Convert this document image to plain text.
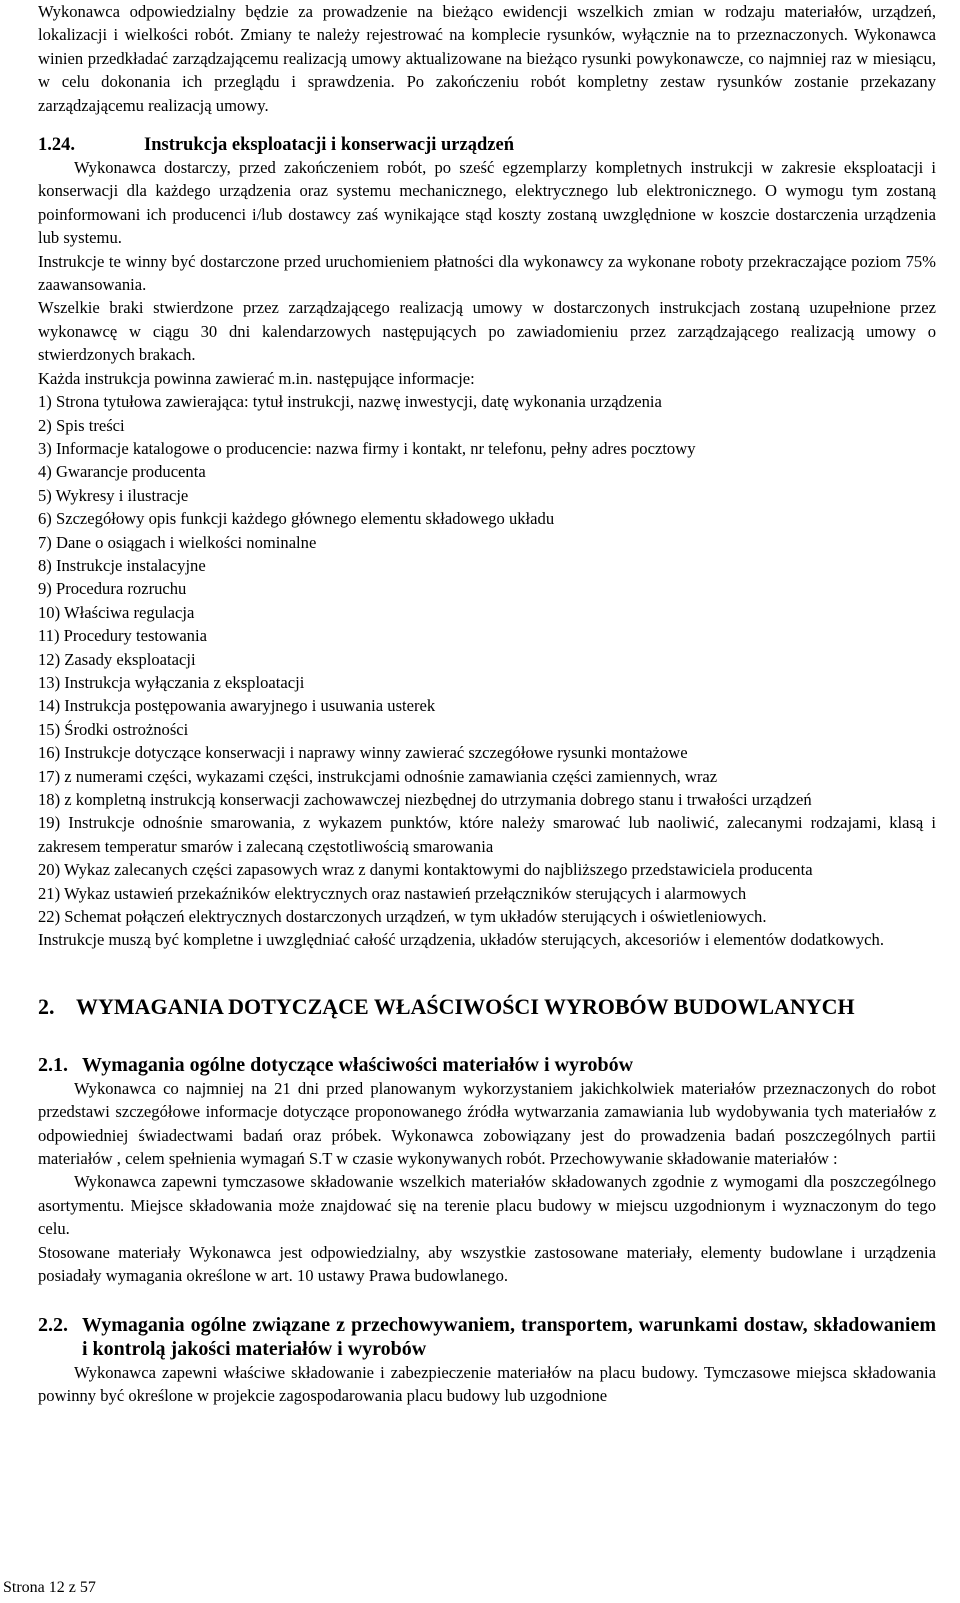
Wykonawca odpowiedzialny będzie za prowadzenie na bieżąco ewidencji wszelkich zmian w rodzaju materiałów, urządzeń, lokalizacji i wielkości robót. Zmiany te należy rejestrować na komplecie rysunków, wyłącznie na to przeznaczonych. Wykonawca winien przedkładać zarządzającemu realizacją umowy aktualizowane na bieżąco rysunki powykonawcze, co najmniej raz w miesiącu, w celu dokonania ich przeglądu i sprawdzenia. Po zakończeniu robót kompletny zestaw rysunków zostanie przekazany zarządzającemu realizacją umowy.

1.24.	Instrukcja eksploatacji i konserwacji urządzeń

Wykonawca dostarczy, przed zakończeniem robót, po sześć egzemplarzy kompletnych instrukcji w zakresie eksploatacji i konserwacji dla każdego urządzenia oraz systemu mechanicznego, elektrycznego lub elektronicznego. O wymogu tym zostaną poinformowani ich producenci i/lub dostawcy zaś wynikające stąd koszty zostaną uwzględnione w koszcie dostarczenia urządzenia lub systemu.

Instrukcje te winny być dostarczone przed uruchomieniem płatności dla wykonawcy za wykonane roboty przekraczające poziom 75% zaawansowania.

Wszelkie braki stwierdzone przez zarządzającego realizacją umowy w dostarczonych instrukcjach zostaną uzupełnione przez wykonawcę w ciągu 30 dni kalendarzowych następujących po zawiadomieniu przez zarządzającego realizacją umowy o stwierdzonych brakach.

Każda instrukcja powinna zawierać m.in. następujące informacje:

1) Strona tytułowa zawierająca: tytuł instrukcji, nazwę inwestycji, datę wykonania urządzenia

2) Spis treści

3) Informacje katalogowe o producencie: nazwa firmy i kontakt, nr telefonu, pełny adres pocztowy

4) Gwarancje producenta

5) Wykresy i ilustracje

6) Szczegółowy opis funkcji każdego głównego elementu składowego układu

7) Dane o osiągach i wielkości nominalne

8) Instrukcje instalacyjne

9) Procedura rozruchu

10) Właściwa regulacja

11) Procedury testowania

12) Zasady eksploatacji

13) Instrukcja wyłączania z eksploatacji

14) Instrukcja postępowania awaryjnego i usuwania usterek

15) Środki ostrożności

16) Instrukcje dotyczące konserwacji i naprawy winny zawierać szczegółowe rysunki montażowe

17) z numerami części, wykazami części, instrukcjami odnośnie zamawiania części zamiennych, wraz

18) z kompletną instrukcją konserwacji zachowawczej niezbędnej do utrzymania dobrego stanu i trwałości urządzeń

19) Instrukcje odnośnie smarowania, z wykazem punktów, które należy smarować lub naoliwić, zalecanymi rodzajami, klasą i zakresem temperatur smarów i zalecaną częstotliwością smarowania

20) Wykaz zalecanych części zapasowych wraz z danymi kontaktowymi do najbliższego przedstawiciela producenta

21) Wykaz ustawień przekaźników elektrycznych oraz nastawień przełączników sterujących i alarmowych

22) Schemat połączeń elektrycznych dostarczonych urządzeń, w tym układów sterujących i oświetleniowych.

Instrukcje muszą być kompletne i uwzględniać całość urządzenia, układów sterujących, akcesoriów i elementów dodatkowych.

2. WYMAGANIA DOTYCZĄCE WŁAŚCIWOŚCI WYROBÓW BUDOWLANYCH
2.1. Wymagania ogólne dotyczące właściwości materiałów i wyrobów

Wykonawca co najmniej na 21 dni przed planowanym wykorzystaniem jakichkolwiek materiałów przeznaczonych do robot przedstawi szczegółowe informacje dotyczące proponowanego źródła wytwarzania zamawiania lub wydobywania tych materiałów z odpowiedniej świadectwami badań oraz próbek. Wykonawca zobowiązany jest do prowadzenia badań poszczególnych partii materiałów , celem spełnienia wymagań S.T w czasie wykonywanych robót. Przechowywanie składowanie materiałów :

Wykonawca zapewni tymczasowe składowanie wszelkich materiałów składowanych zgodnie z wymogami dla poszczególnego asortymentu. Miejsce składowania może znajdować się na terenie placu budowy w miejscu uzgodnionym i wyznaczonym do tego celu.

Stosowane materiały Wykonawca jest odpowiedzialny, aby wszystkie zastosowane materiały, elementy budowlane i urządzenia posiadały wymagania określone w art. 10 ustawy Prawa budowlanego.

2.2. Wymagania ogólne związane z przechowywaniem, transportem, warunkami dostaw, składowaniem i kontrolą jakości materiałów i wyrobów

Wykonawca zapewni właściwe składowanie i zabezpieczenie materiałów na placu budowy. Tymczasowe miejsca składowania powinny być określone w projekcie zagospodarowania placu budowy lub uzgodnione

Strona 12 z 57
